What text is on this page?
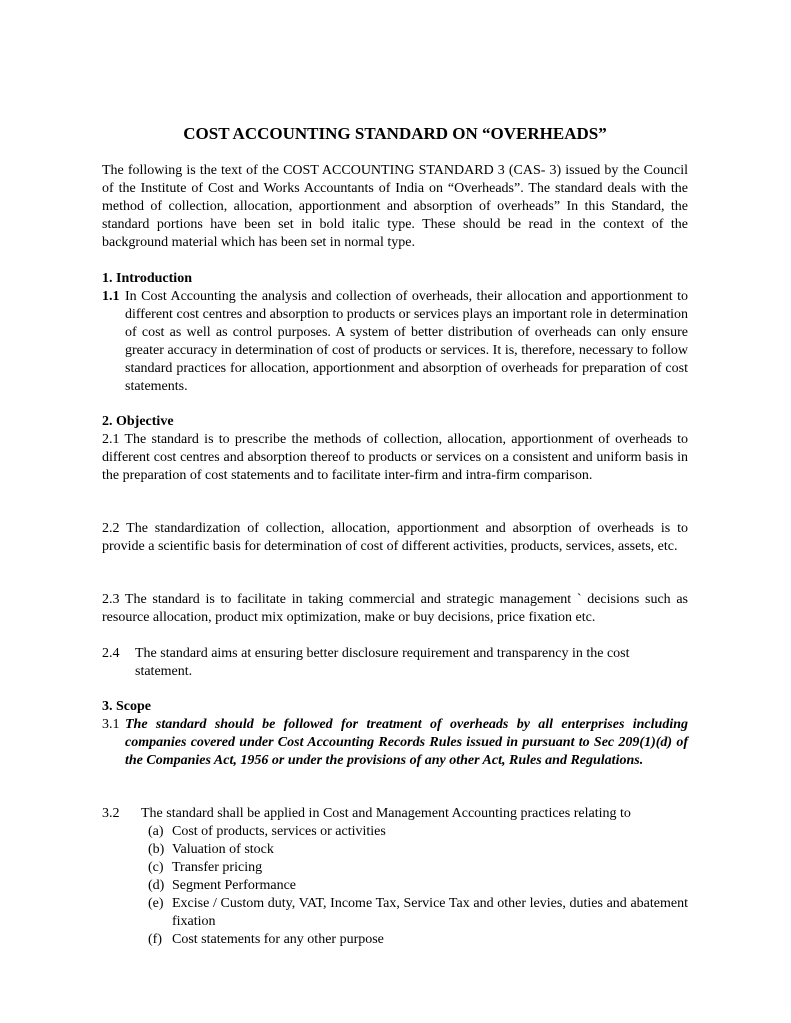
COST ACCOUNTING STANDARD ON “OVERHEADS”
The following is the text of the COST ACCOUNTING STANDARD 3 (CAS- 3) issued by the Council of the Institute of Cost and Works Accountants of India on “Overheads”. The standard deals with the method of collection, allocation, apportionment and absorption of overheads” In this Standard, the standard portions have been set in bold italic type. These should be read in the context of the background material which has been set in normal type.
1. Introduction
1.1 In Cost Accounting the analysis and collection of overheads, their allocation and apportionment to different cost centres and absorption to products or services plays an important role in determination of cost as well as control purposes. A system of better distribution of overheads can only ensure greater accuracy in determination of cost of products or services. It is, therefore, necessary to follow standard practices for allocation, apportionment and absorption of overheads for preparation of cost statements.
2. Objective
2.1 The standard is to prescribe the methods of collection, allocation, apportionment of overheads to different cost centres and absorption thereof to products or services on a consistent and uniform basis in the preparation of cost statements and to facilitate inter-firm and intra-firm comparison.
2.2 The standardization of collection, allocation, apportionment and absorption of overheads is to provide a scientific basis for determination of cost of different activities, products, services, assets, etc.
2.3 The standard is to facilitate in taking commercial and strategic management ` decisions such as resource allocation, product mix optimization, make or buy decisions, price fixation etc.
2.4	The standard aims at ensuring better disclosure requirement and transparency in the cost statement.
3. Scope
3.1 The standard should be followed for treatment of overheads by all enterprises including companies covered under Cost Accounting Records Rules issued in pursuant to Sec 209(1)(d) of the Companies Act, 1956 or under the provisions of any other Act, Rules and Regulations.
3.2	The standard shall be applied in Cost and Management Accounting practices relating to
(a) Cost of products, services or activities
(b) Valuation of stock
(c) Transfer pricing
(d) Segment Performance
(e) Excise / Custom duty, VAT, Income Tax, Service Tax and other levies, duties and abatement fixation
(f) Cost statements for any other purpose
